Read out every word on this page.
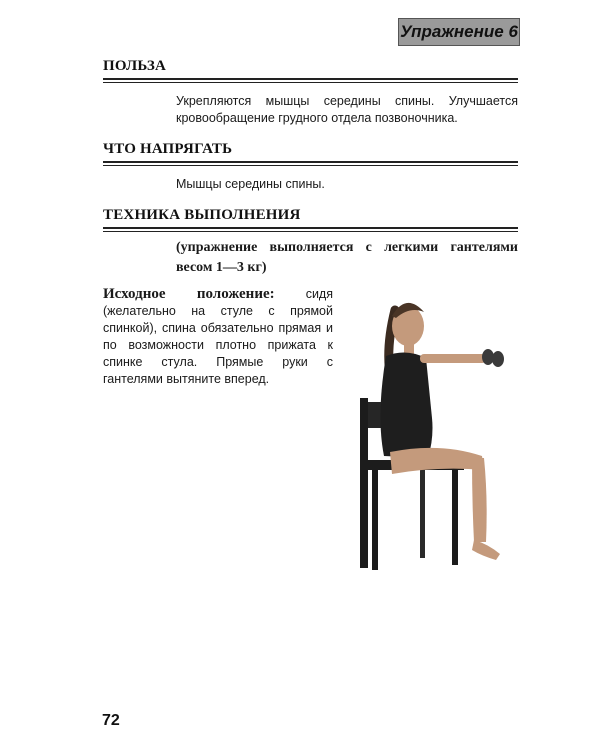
Упражнение 6
ПОЛЬЗА
Укрепляются мышцы середины спины. Улучшается кровообращение грудного отдела позвоночника.
ЧТО НАПРЯГАТЬ
Мышцы середины спины.
ТЕХНИКА ВЫПОЛНЕНИЯ
(упражнение выполняется с легкими гантелями весом 1—3 кг)
Исходное положение: сидя (желательно на стуле с прямой спинкой), спина обязательно прямая и по возможности плотно прижата к спинке стула. Прямые руки с гантелями вытяните вперед.
72
